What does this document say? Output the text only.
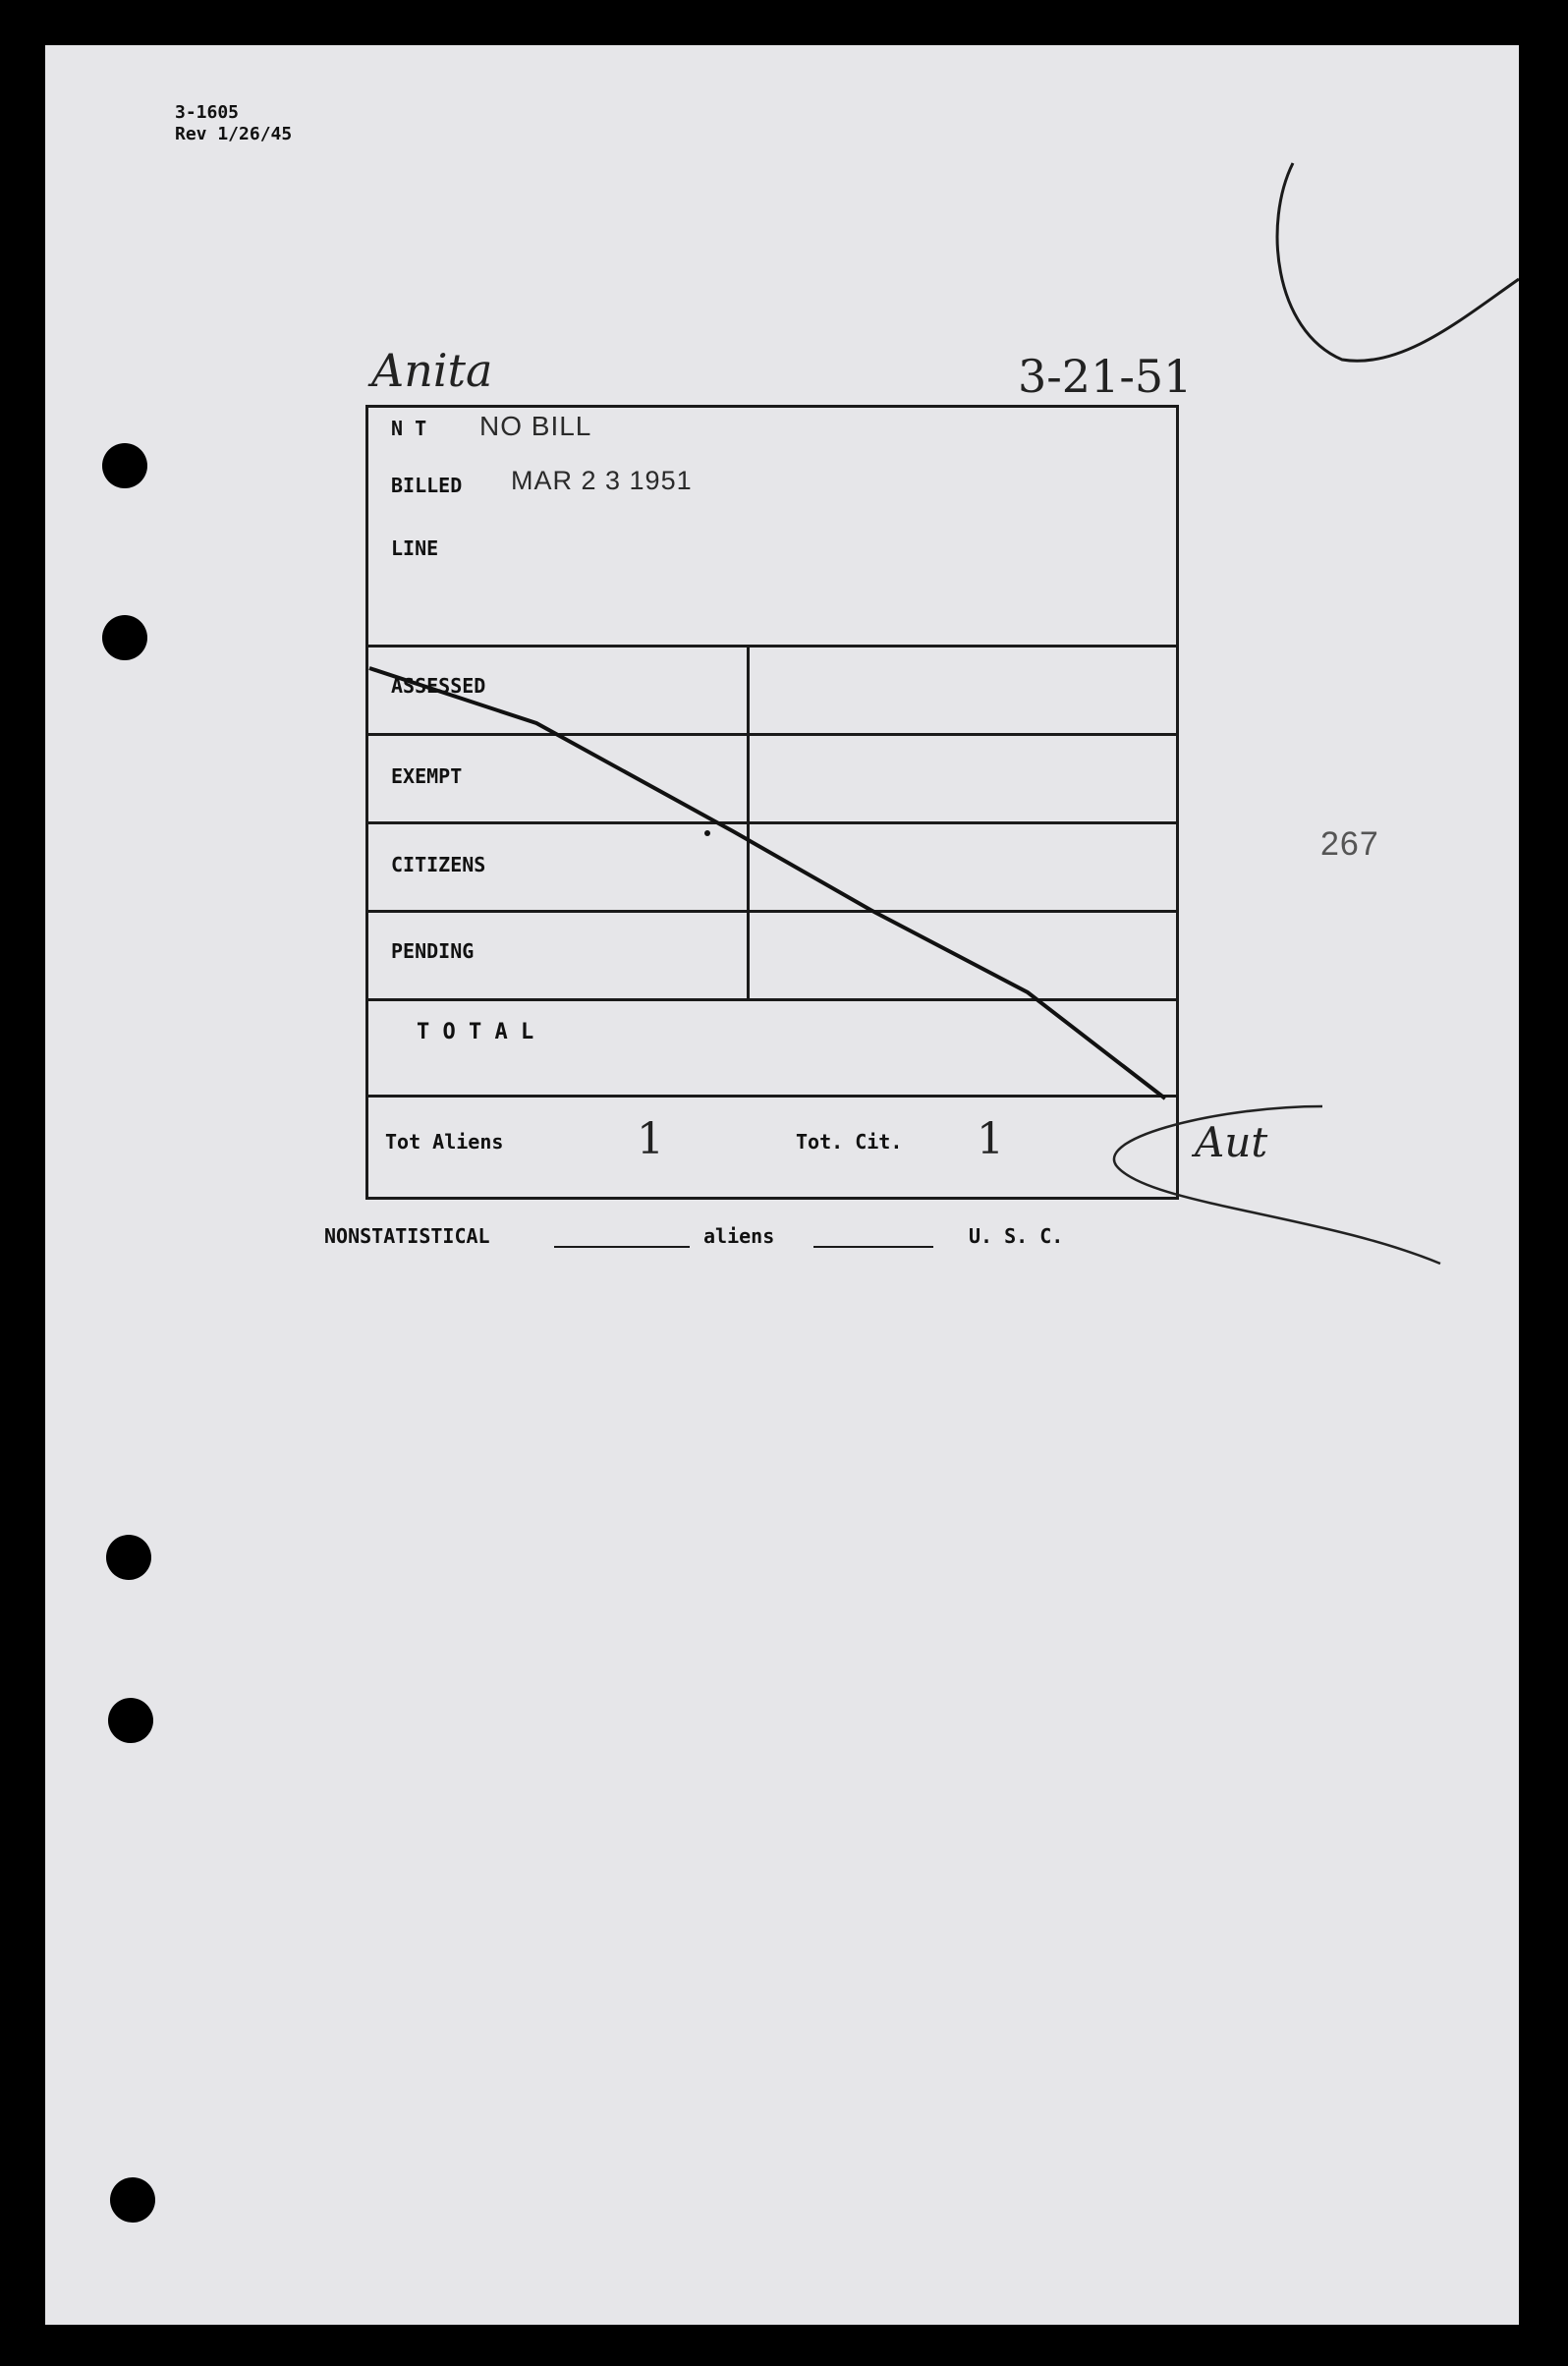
3-1605
Rev 1/26/45
Anita	3-21-51
N T NO BILL
BILLED MAR 2 3 1951
LINE
ASSESSED
EXEMPT
CITIZENS
PENDING
T O T A L
Tot Aliens	1	Tot. Cit. 1	Aut
267
NONSTATISTICAL	aliens	U. S. C.
